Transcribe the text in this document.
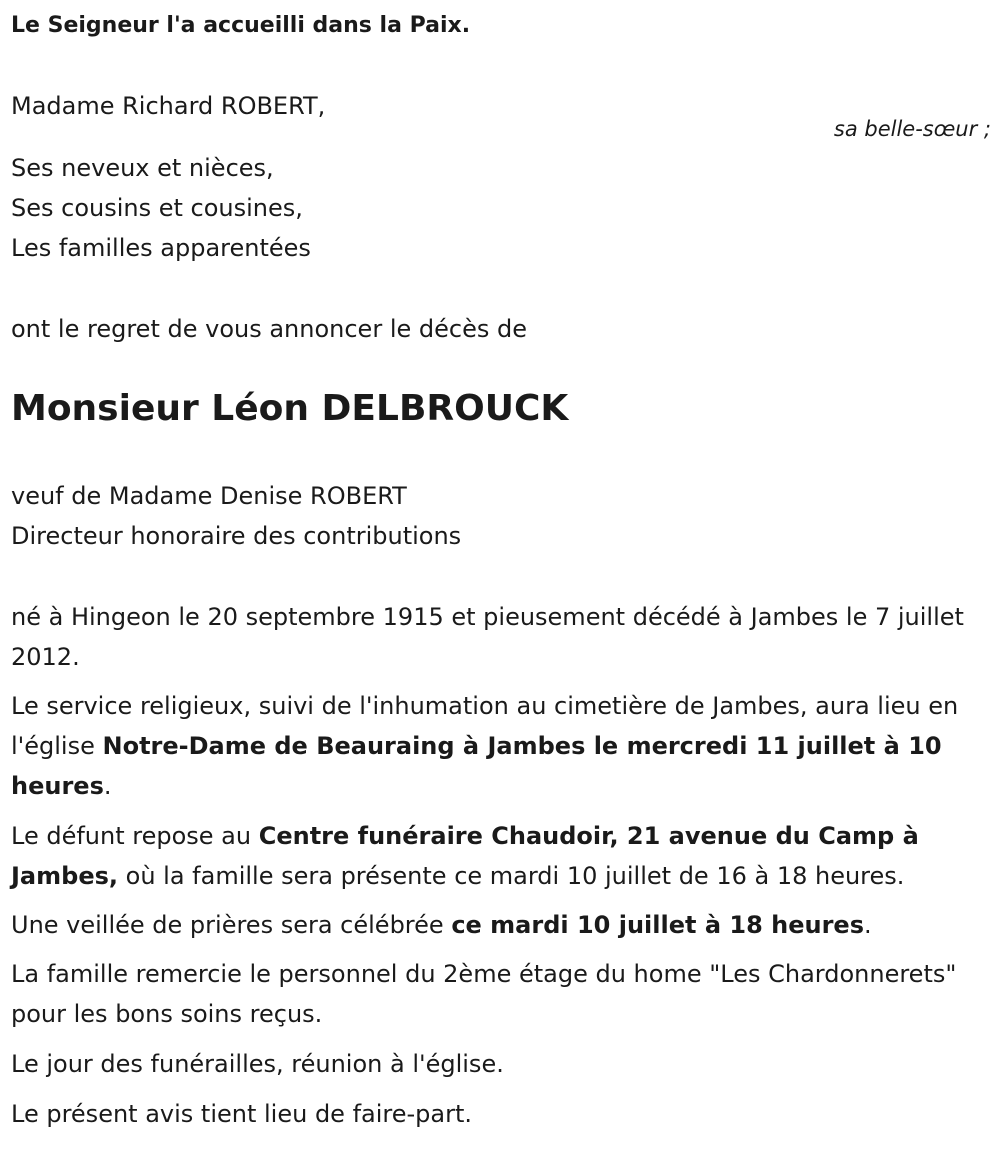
Le Seigneur l'a accueilli dans la Paix.
Madame Richard ROBERT,
sa belle-sœur ;
Ses neveux et nièces,
Ses cousins et cousines,
Les familles apparentées
ont le regret de vous annoncer le décès de
Monsieur Léon DELBROUCK
veuf de Madame Denise ROBERT
Directeur honoraire des contributions
né à Hingeon le 20 septembre 1915 et pieusement décédé à Jambes le 7 juillet 2012.
Le service religieux, suivi de l'inhumation au cimetière de Jambes, aura lieu en l'église Notre-Dame de Beauraing à Jambes le mercredi 11 juillet à 10 heures.
Le défunt repose au Centre funéraire Chaudoir, 21 avenue du Camp à Jambes, où la famille sera présente ce mardi 10 juillet de 16 à 18 heures.
Une veillée de prières sera célébrée ce mardi 10 juillet à 18 heures.
La famille remercie le personnel du 2ème étage du home "Les Chardonnerets" pour les bons soins reçus.
Le jour des funérailles, réunion à l'église.
Le présent avis tient lieu de faire-part.
